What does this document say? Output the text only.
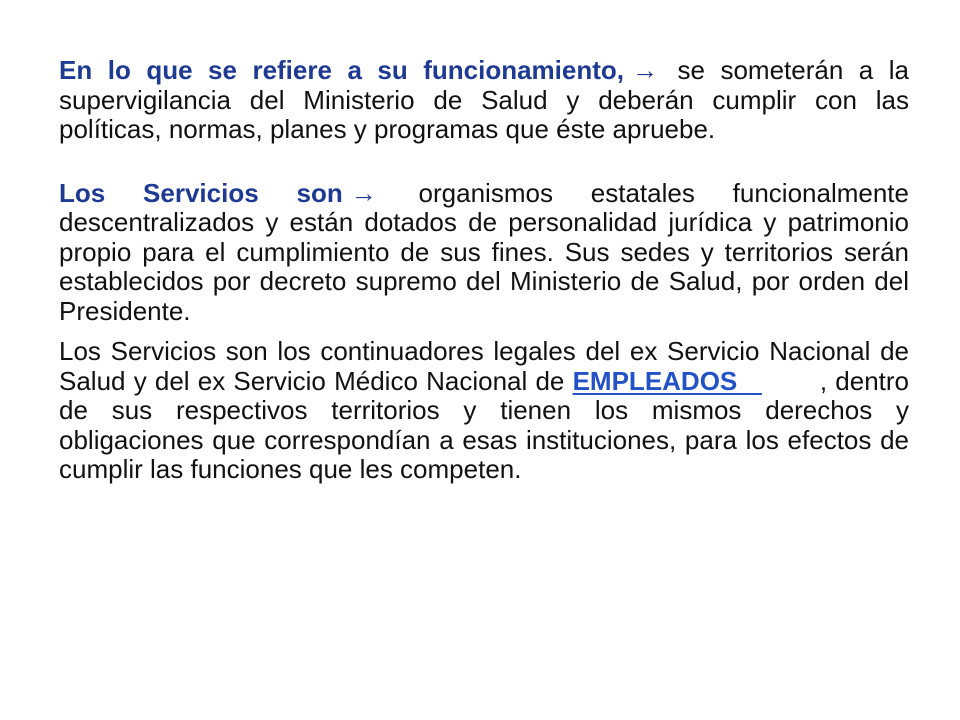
En lo que se refiere a su funcionamiento, → se someterán a la supervigilancia del Ministerio de Salud y deberán cumplir con las políticas, normas, planes y programas que éste apruebe.

Los Servicios son → organismos estatales funcionalmente descentralizados y están dotados de personalidad jurídica y patrimonio propio para el cumplimiento de sus fines. Sus sedes y territorios serán establecidos por decreto supremo del Ministerio de Salud, por orden del Presidente.

Los Servicios son los continuadores legales del ex Servicio Nacional de Salud y del ex Servicio Médico Nacional de EMPLEADOS   , dentro de sus respectivos territorios y tienen los mismos derechos y obligaciones que correspondían a esas instituciones, para los efectos de cumplir las funciones que les competen.
